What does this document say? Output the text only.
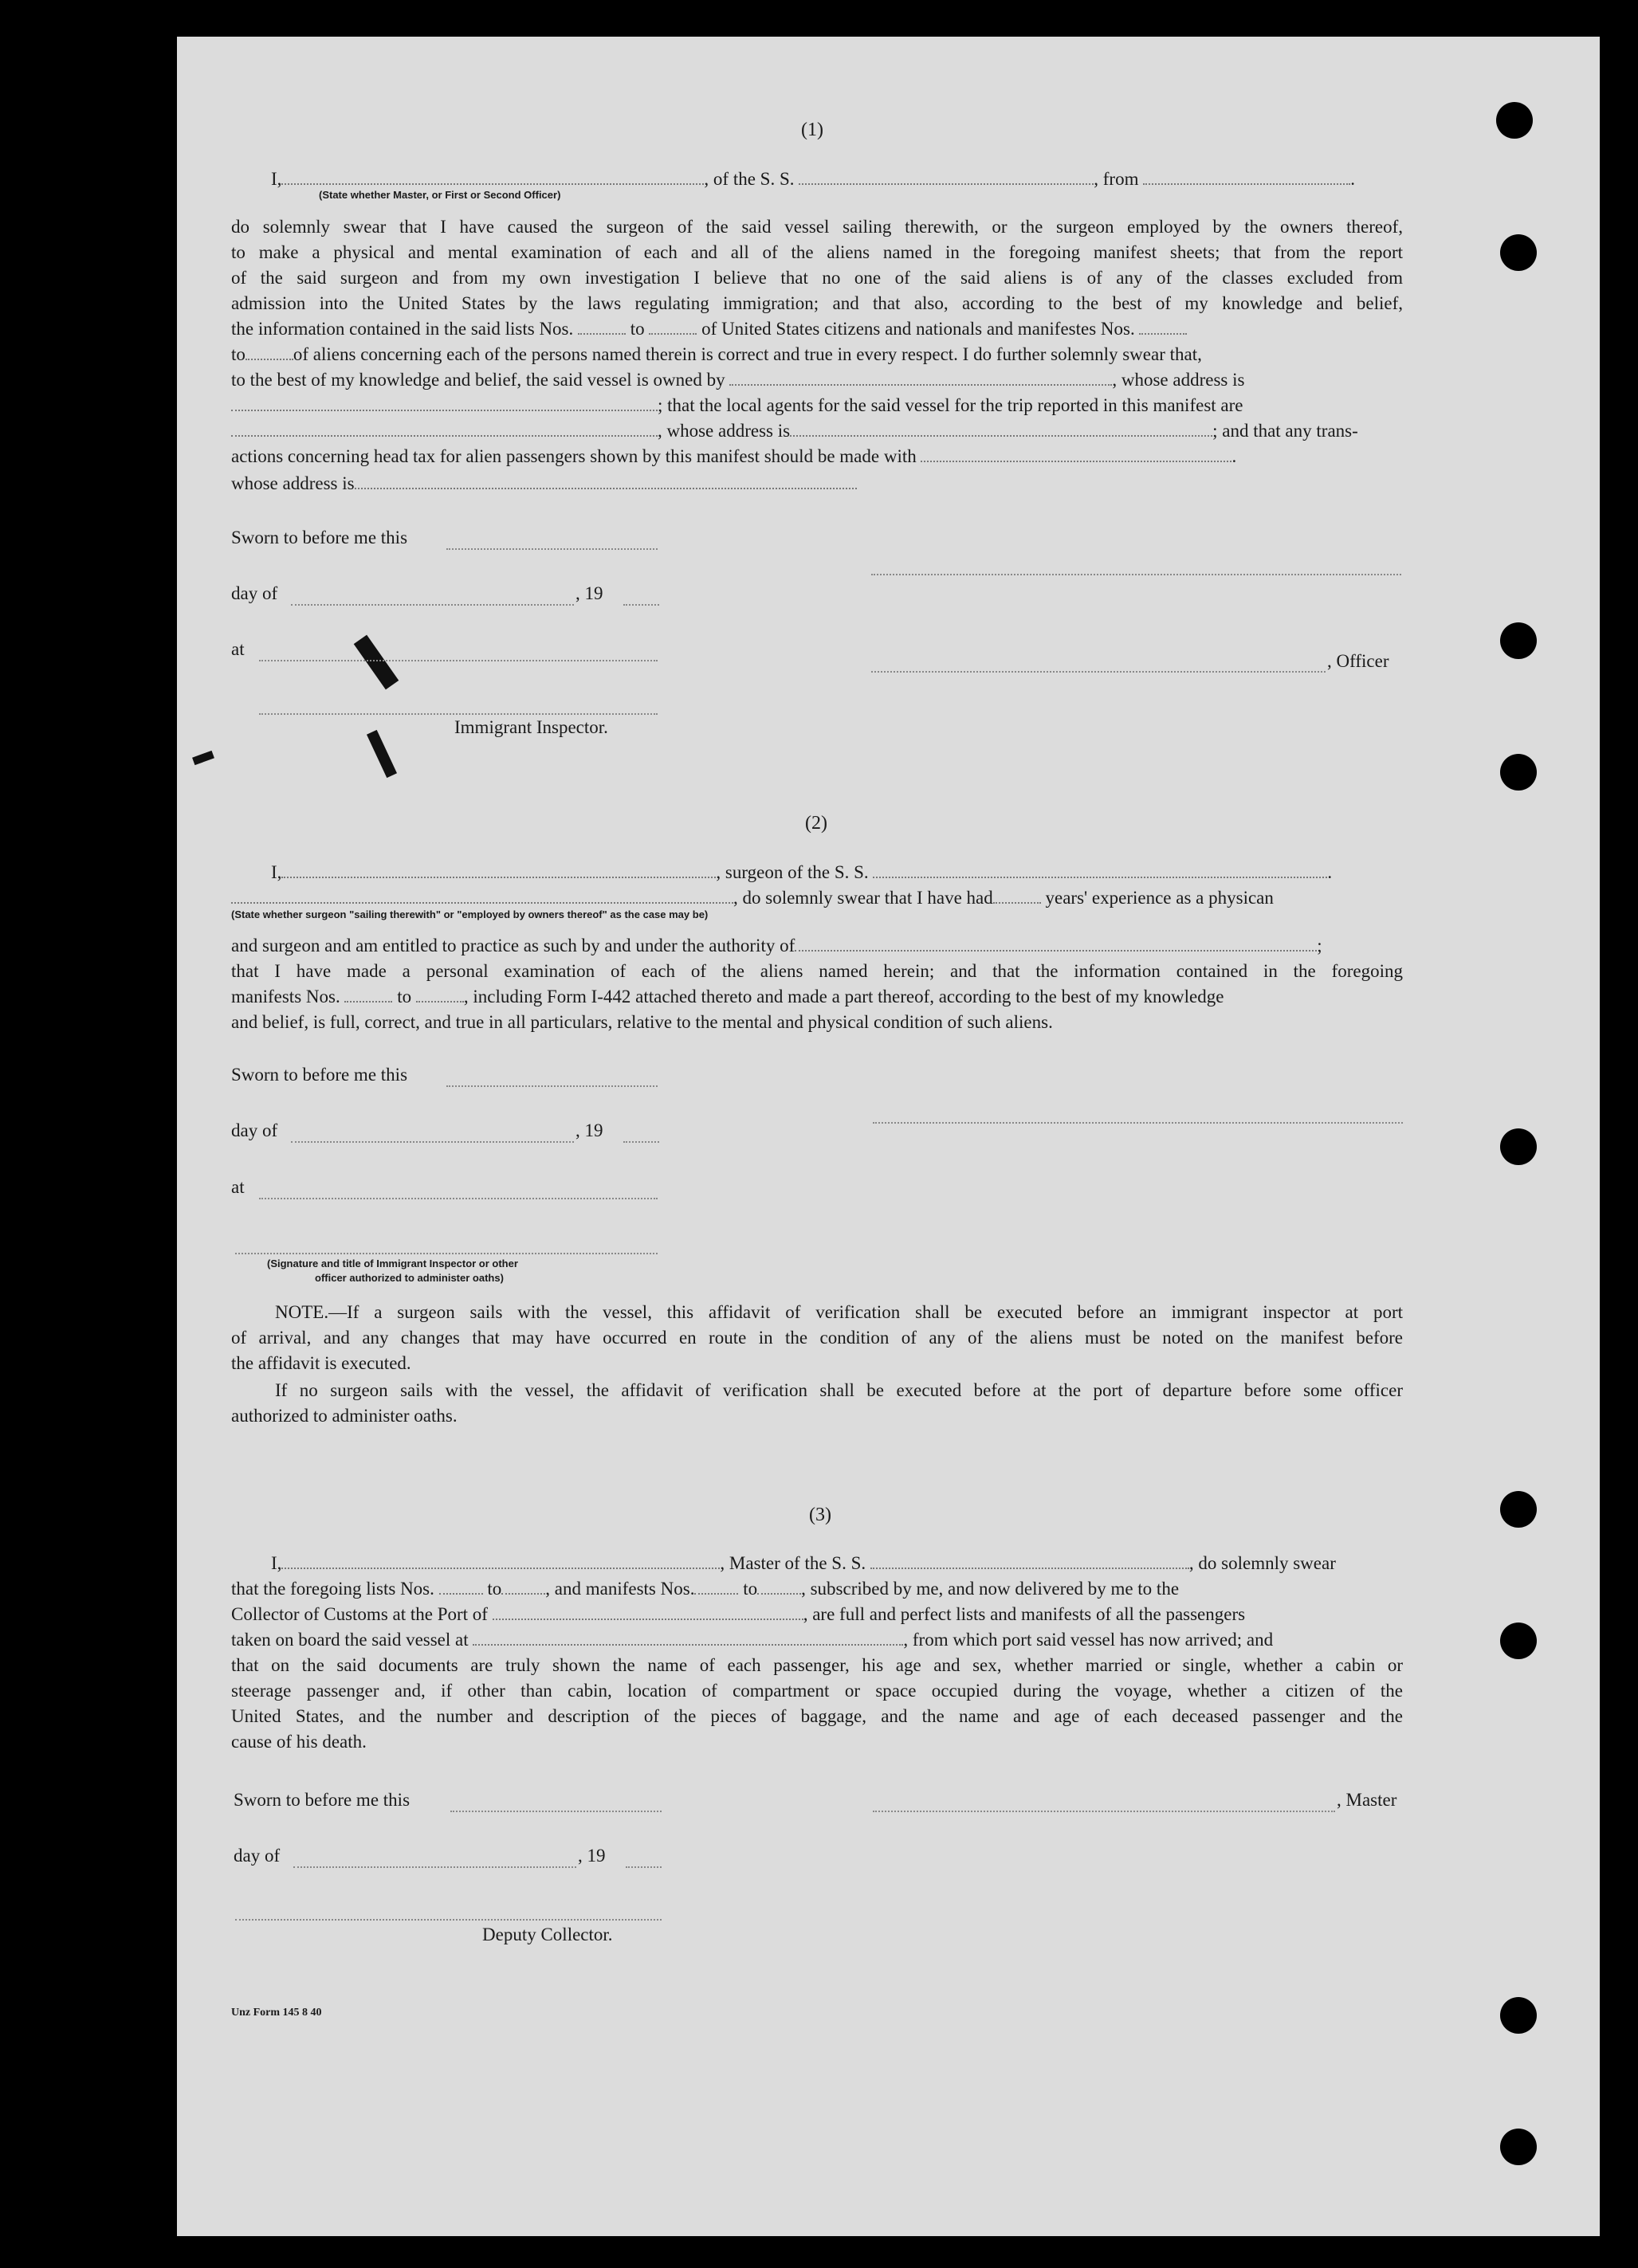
(1)
I,	, of the S. S.	, from	.
(State whether Master, or First or Second Officer)
do solemnly swear that I have caused the surgeon of the said vessel sailing therewith, or the surgeon employed by the owners thereof,
to make a physical and mental examination of each and all of the aliens named in the foregoing manifest sheets; that from the report
of the said surgeon and from my own investigation I believe that no one of the said aliens is of any of the classes excluded from
admission into the United States by the laws regulating immigration; and that also, according to the best of my knowledge and belief,
the information contained in the said lists Nos.	to	of United States citizens and nationals and manifestes Nos.
to	of aliens concerning each of the persons named therein is correct and true in every respect. I do further solemnly swear that,
to the best of my knowledge and belief, the said vessel is owned by	, whose address is
; that the local agents for the said vessel for the trip reported in this manifest are
, whose address is	; and that any trans-
actions concerning head tax for alien passengers shown by this manifest should be made with	.
whose address is
Sworn to before me this
day of	, 19
at
, Officer
Immigrant Inspector.
(2)
I,	, surgeon of the S. S.	.
, do solemnly swear that I have had	years' experience as a physican
(State whether surgeon "sailing therewith" or "employed by owners thereof" as the case may be)
and surgeon and am entitled to practice as such by and under the authority of	;
that I have made a personal examination of each of the aliens named herein; and that the information contained in the foregoing
manifests Nos.	to	, including Form I-442 attached thereto and made a part thereof, according to the best of my knowledge
and belief, is full, correct, and true in all particulars, relative to the mental and physical condition of such aliens.
Sworn to before me this
day of	, 19
at
(Signature and title of Immigrant Inspector or other
officer authorized to administer oaths)
NOTE.—If a surgeon sails with the vessel, this affidavit of verification shall be executed before an immigrant inspector at port
of arrival, and any changes that may have occurred en route in the condition of any of the aliens must be noted on the manifest before
the affidavit is executed.
If no surgeon sails with the vessel, the affidavit of verification shall be executed before at the port of departure before some officer
authorized to administer oaths.
(3)
I,	, Master of the S. S.	, do solemnly swear
that the foregoing lists Nos.	to , and manifests Nos.	to , subscribed by me, and now delivered by me to the
Collector of Customs at the Port of	, are full and perfect lists and manifests of all the passengers
taken on board the said vessel at	, from which port said vessel has now arrived; and
that on the said documents are truly shown the name of each passenger, his age and sex, whether married or single, whether a cabin or
steerage passenger and, if other than cabin, location of compartment or space occupied during the voyage, whether a citizen of the
United States, and the number and description of the pieces of baggage, and the name and age of each deceased passenger and the
cause of his death.
Sworn to before me this	, Master
day of	, 19
Deputy Collector.
Unz Form 145 8 40
